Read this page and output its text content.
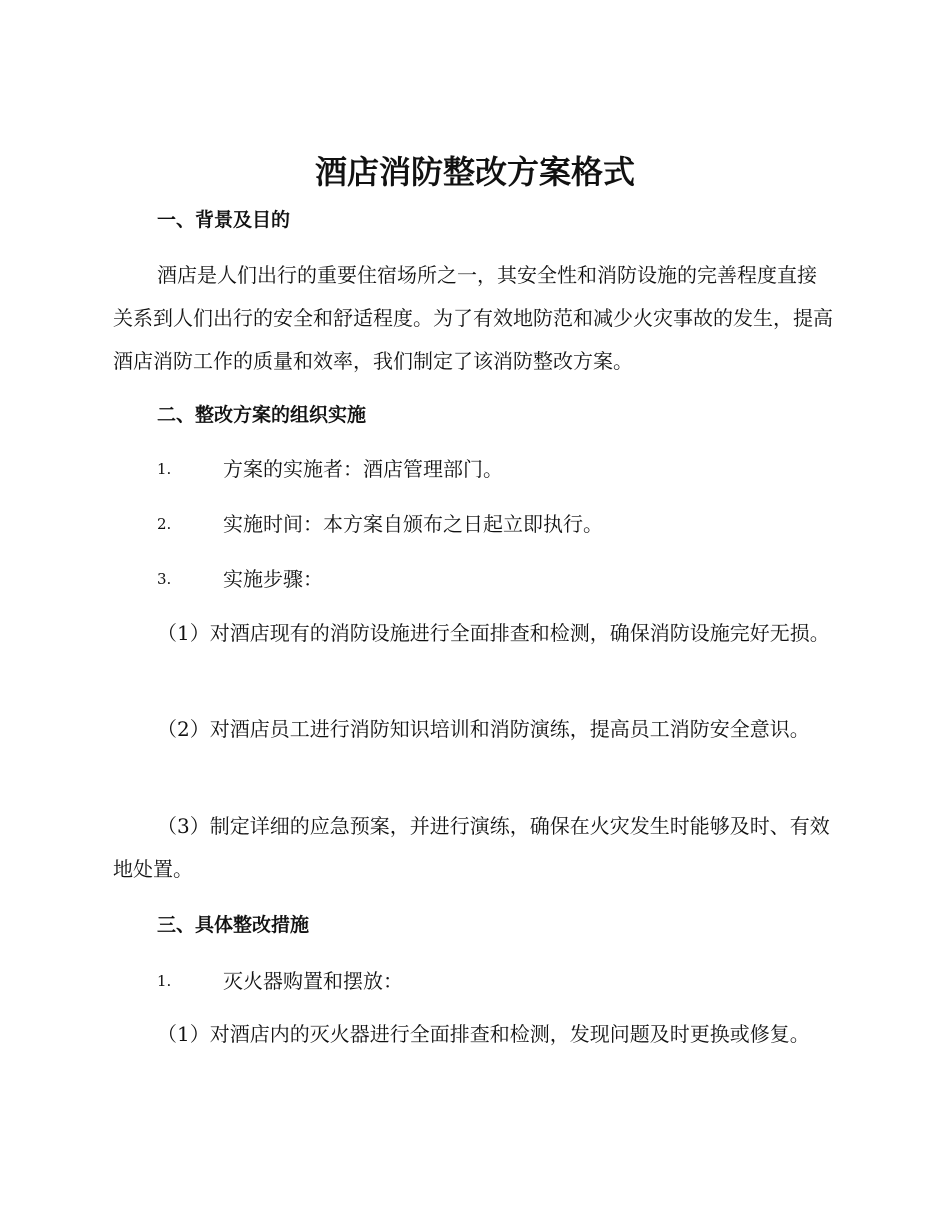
酒店消防整改方案格式
一、背景及目的

酒店是人们出行的重要住宿场所之一，其安全性和消防设施的完善程度直接关系到人们出行的安全和舒适程度。为了有效地防范和减少火灾事故的发生，提高酒店消防工作的质量和效率，我们制定了该消防整改方案。

二、整改方案的组织实施
1.	方案的实施者：酒店管理部门。
2.	实施时间：本方案自颁布之日起立即执行。
3.	实施步骤：

（1）对酒店现有的消防设施进行全面排查和检测，确保消防设施完好无损。

（2）对酒店员工进行消防知识培训和消防演练，提高员工消防安全意识。

（3）制定详细的应急预案，并进行演练，确保在火灾发生时能够及时、有效地处置。

三、具体整改措施
1.	灭火器购置和摆放：

（1）对酒店内的灭火器进行全面排查和检测，发现问题及时更换或修复。
